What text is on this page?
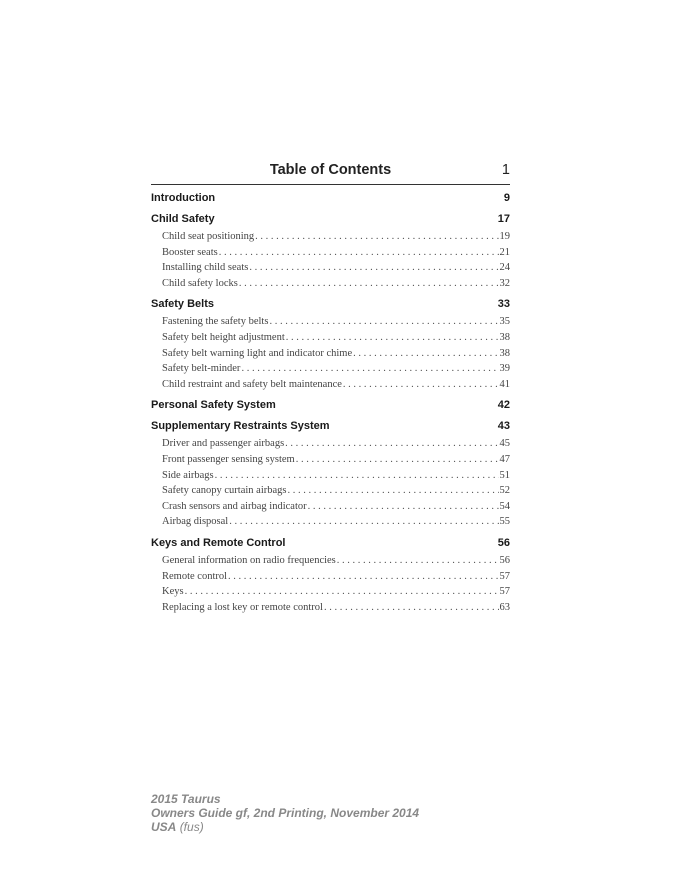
Table of Contents	1
Introduction	9
Child Safety	17
Child seat positioning . . .	19
Booster seats . . .	21
Installing child seats . . .	24
Child safety locks . . .	32
Safety Belts	33
Fastening the safety belts . . .	35
Safety belt height adjustment . . .	38
Safety belt warning light and indicator chime . . .	38
Safety belt-minder . . .	39
Child restraint and safety belt maintenance . . .	41
Personal Safety System	42
Supplementary Restraints System	43
Driver and passenger airbags . . .	45
Front passenger sensing system . . .	47
Side airbags . . .	51
Safety canopy curtain airbags . . .	52
Crash sensors and airbag indicator . . .	54
Airbag disposal . . .	55
Keys and Remote Control	56
General information on radio frequencies . . .	56
Remote control . . .	57
Keys . . .	57
Replacing a lost key or remote control . . .	63
2015 Taurus
Owners Guide gf, 2nd Printing, November 2014
USA (fus)
